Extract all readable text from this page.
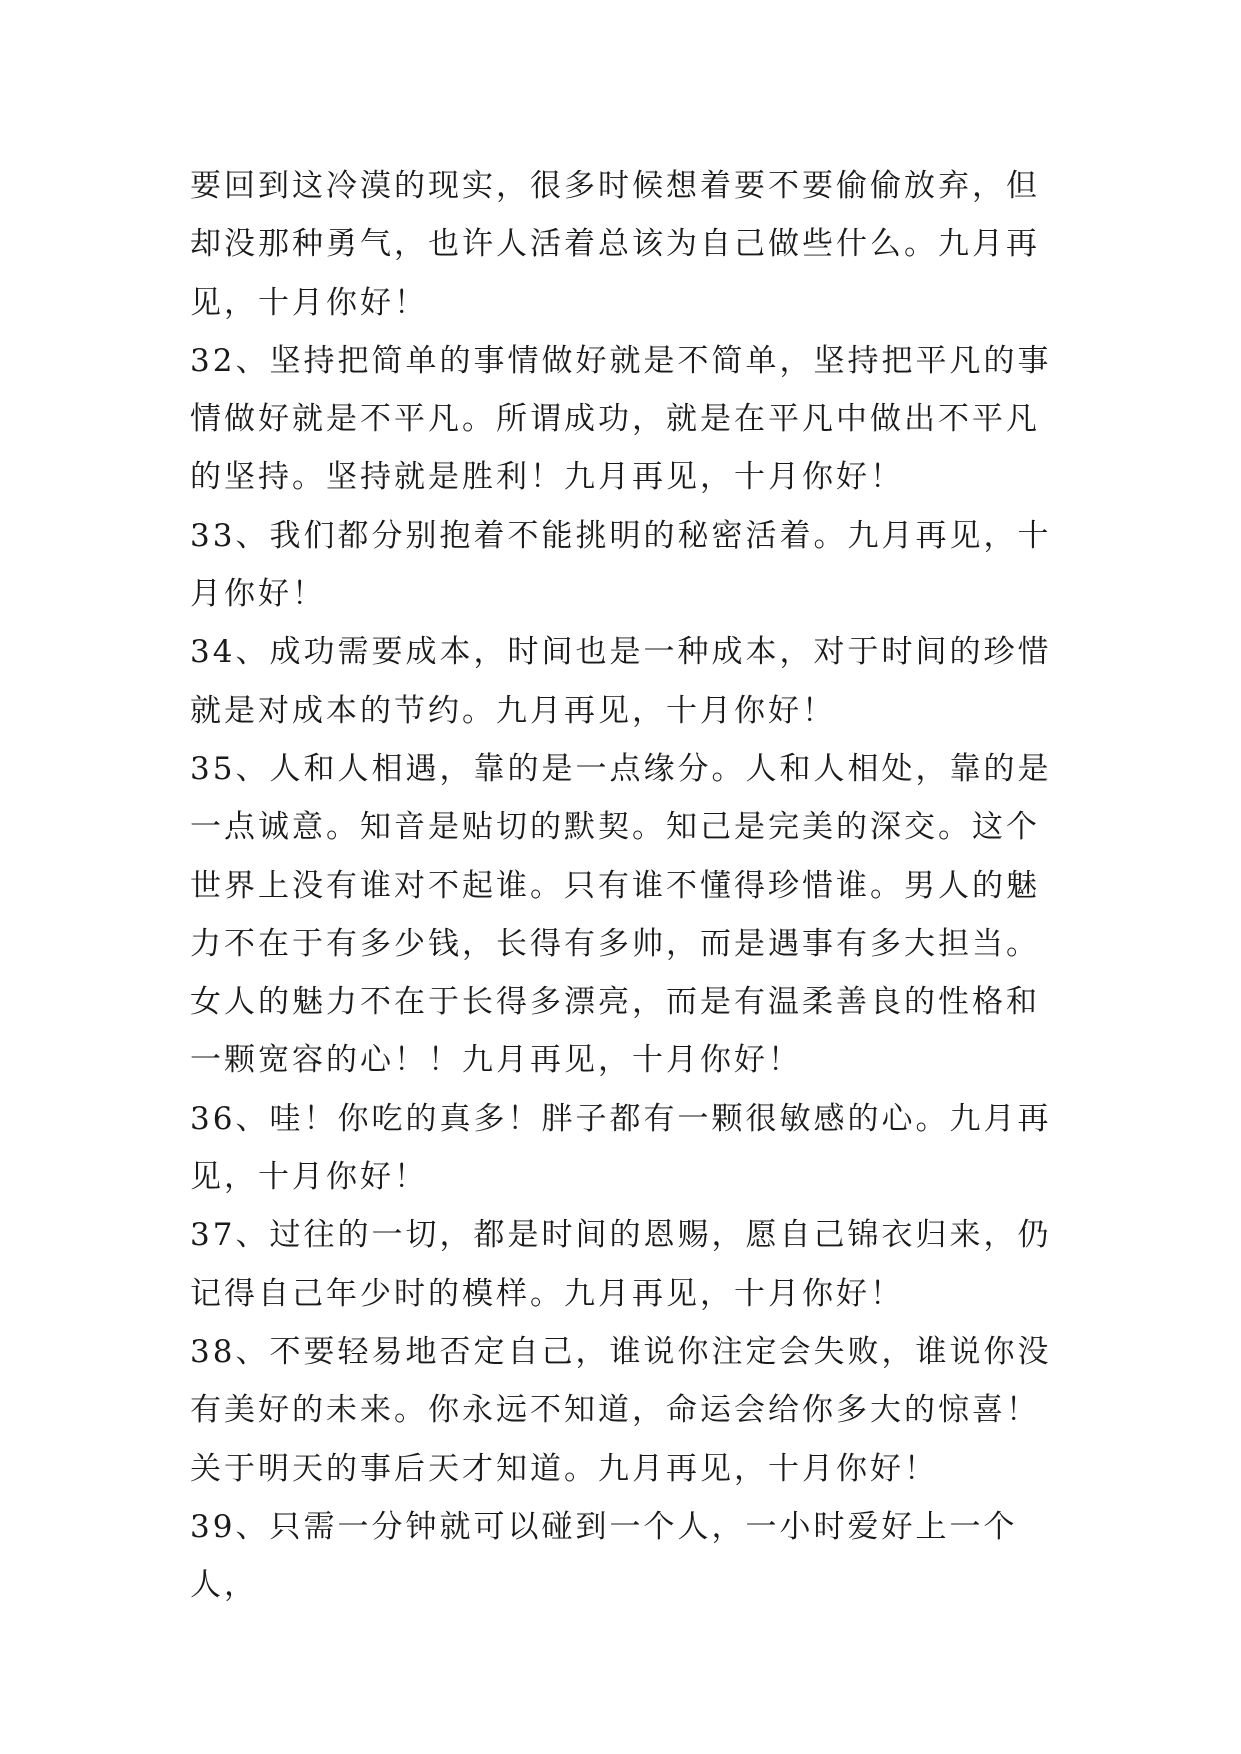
要回到这冷漠的现实，很多时候想着要不要偷偷放弃，但却没那种勇气，也许人活着总该为自己做些什么。九月再见，十月你好！

32、坚持把简单的事情做好就是不简单，坚持把平凡的事情做好就是不平凡。所谓成功，就是在平凡中做出不平凡的坚持。坚持就是胜利！九月再见，十月你好！

33、我们都分别抱着不能挑明的秘密活着。九月再见，十月你好！

34、成功需要成本，时间也是一种成本，对于时间的珍惜就是对成本的节约。九月再见，十月你好！

35、人和人相遇，靠的是一点缘分。人和人相处，靠的是一点诚意。知音是贴切的默契。知己是完美的深交。这个世界上没有谁对不起谁。只有谁不懂得珍惜谁。男人的魅力不在于有多少钱，长得有多帅，而是遇事有多大担当。女人的魅力不在于长得多漂亮，而是有温柔善良的性格和一颗宽容的心！！九月再见，十月你好！

36、哇！你吃的真多！胖子都有一颗很敏感的心。九月再见，十月你好！

37、过往的一切，都是时间的恩赐，愿自己锦衣归来，仍记得自己年少时的模样。九月再见，十月你好！

38、不要轻易地否定自己，谁说你注定会失败，谁说你没有美好的未来。你永远不知道，命运会给你多大的惊喜！关于明天的事后天才知道。九月再见，十月你好！

39、只需一分钟就可以碰到一个人，一小时爱好上一个人，
